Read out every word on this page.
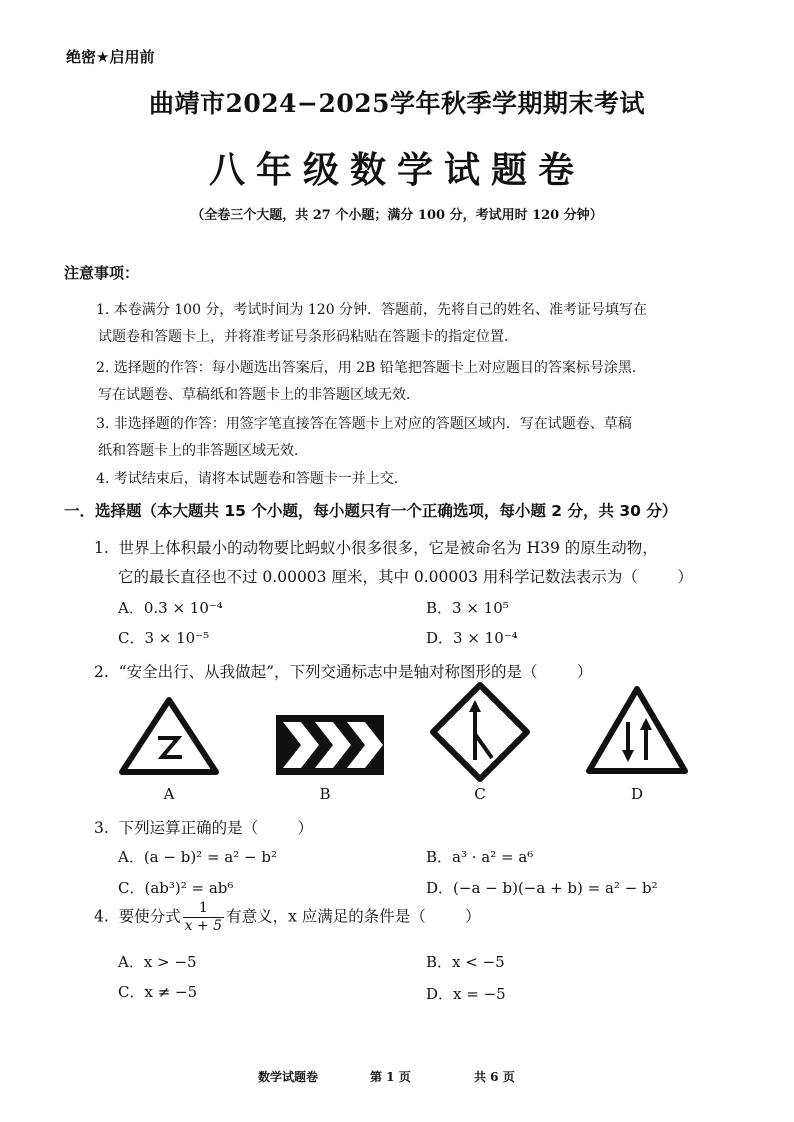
绝密★启用前
曲靖市2024−2025学年秋季学期期末考试
八年级数学试题卷
（全卷三个大题，共 27 个小题；满分 100 分，考试用时 120 分钟）
注意事项：
1. 本卷满分 100 分，考试时间为 120 分钟．答题前，先将自己的姓名、准考证号填写在
试题卷和答题卡上，并将准考证号条形码粘贴在答题卡的指定位置．
2. 选择题的作答：每小题选出答案后，用 2B 铅笔把答题卡上对应题目的答案标号涂黑．
写在试题卷、草稿纸和答题卡上的非答题区域无效．
3. 非选择题的作答：用签字笔直接答在答题卡上对应的答题区域内．写在试题卷、草稿
纸和答题卡上的非答题区域无效．
4. 考试结束后，请将本试题卷和答题卡一并上交．
一．选择题（本大题共 15 个小题，每小题只有一个正确选项，每小题 2 分，共 30 分）
1.  世界上体积最小的动物要比蚂蚁小很多很多，它是被命名为 H39 的原生动物，
它的最长直径也不过 0.00003 厘米，其中 0.00003 用科学记数法表示为（        ）
A．0.3 × 10⁻⁴	B．3 × 10⁵
C．3 × 10⁻⁵	D．3 × 10⁻⁴
2.  “安全出行、从我做起”，下列交通标志中是轴对称图形的是（        ）
A	B	C	D
3.  下列运算正确的是（        ）
A．(a − b)² = a² − b²	B．a³ · a² = a⁶
C．(ab³)² = ab⁶	D．(−a − b)(−a + b) = a² − b²
4.  要使分式 $\frac{1}{x + 5}$ 有意义，x 应满足的条件是（        ）
A．x > −5	B．x < −5
C．x ≠ −5	D．x = −5
数学试题卷	第 1 页	共 6 页
